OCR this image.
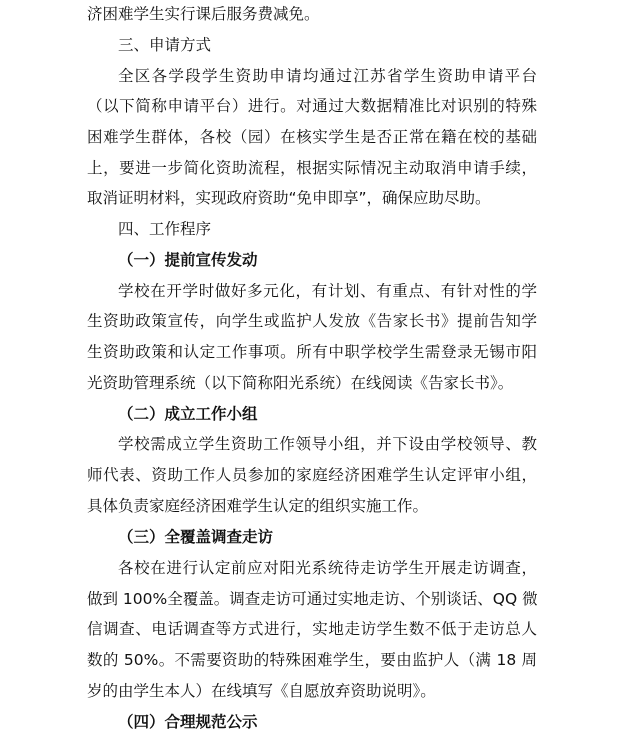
济困难学生实行课后服务费减免。
三、申请方式
全区各学段学生资助申请均通过江苏省学生资助申请平台
（以下简称申请平台）进行。对通过大数据精准比对识别的特殊
困难学生群体，各校（园）在核实学生是否正常在籍在校的基础
上，要进一步简化资助流程，根据实际情况主动取消申请手续，
取消证明材料，实现政府资助“免申即享”，确保应助尽助。
四、工作程序
（一）提前宣传发动
学校在开学时做好多元化，有计划、有重点、有针对性的学
生资助政策宣传，向学生或监护人发放《告家长书》提前告知学
生资助政策和认定工作事项。所有中职学校学生需登录无锡市阳
光资助管理系统（以下简称阳光系统）在线阅读《告家长书》。
（二）成立工作小组
学校需成立学生资助工作领导小组，并下设由学校领导、教
师代表、资助工作人员参加的家庭经济困难学生认定评审小组，
具体负责家庭经济困难学生认定的组织实施工作。
（三）全覆盖调查走访
各校在进行认定前应对阳光系统待走访学生开展走访调查，
做到 100%全覆盖。调查走访可通过实地走访、个别谈话、QQ 微
信调查、电话调查等方式进行，实地走访学生数不低于走访总人
数的 50%。不需要资助的特殊困难学生，要由监护人（满 18 周
岁的由学生本人）在线填写《自愿放弃资助说明》。
（四）合理规范公示
